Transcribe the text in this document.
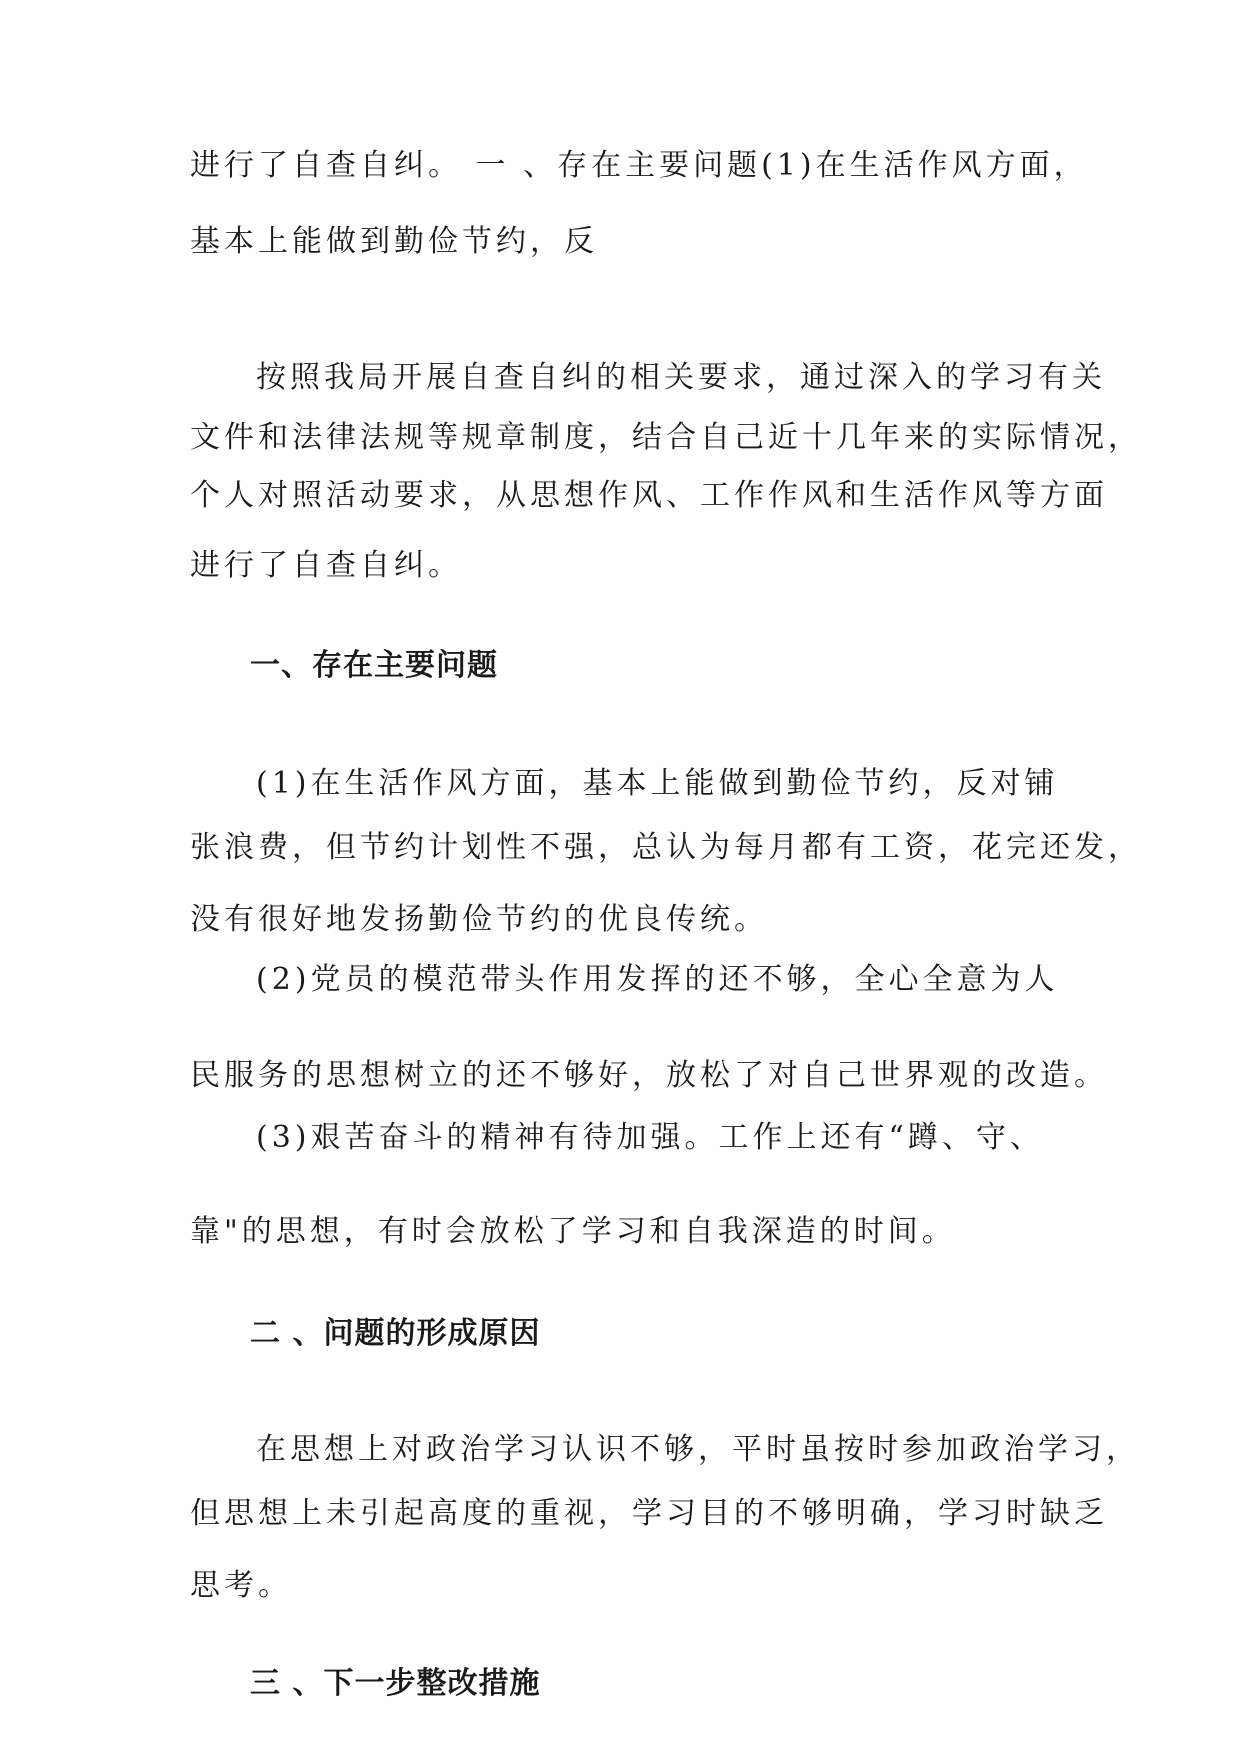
进行了自查自纠。 一 、存在主要问题(1)在生活作风方面，
基本上能做到勤俭节约，反
按照我局开展自查自纠的相关要求，通过深入的学习有关
文件和法律法规等规章制度，结合自己近十几年来的实际情况，
个人对照活动要求，从思想作风、工作作风和生活作风等方面
进行了自查自纠。
一、存在主要问题
(1)在生活作风方面，基本上能做到勤俭节约，反对铺
张浪费，但节约计划性不强，总认为每月都有工资，花完还发，
没有很好地发扬勤俭节约的优良传统。
(2)党员的模范带头作用发挥的还不够，全心全意为人
民服务的思想树立的还不够好，放松了对自己世界观的改造。
(3)艰苦奋斗的精神有待加强。工作上还有“蹲、守、
靠"的思想，有时会放松了学习和自我深造的时间。
二 、问题的形成原因
在思想上对政治学习认识不够，平时虽按时参加政治学习，
但思想上未引起高度的重视，学习目的不够明确，学习时缺乏
思考。
三 、下一步整改措施
